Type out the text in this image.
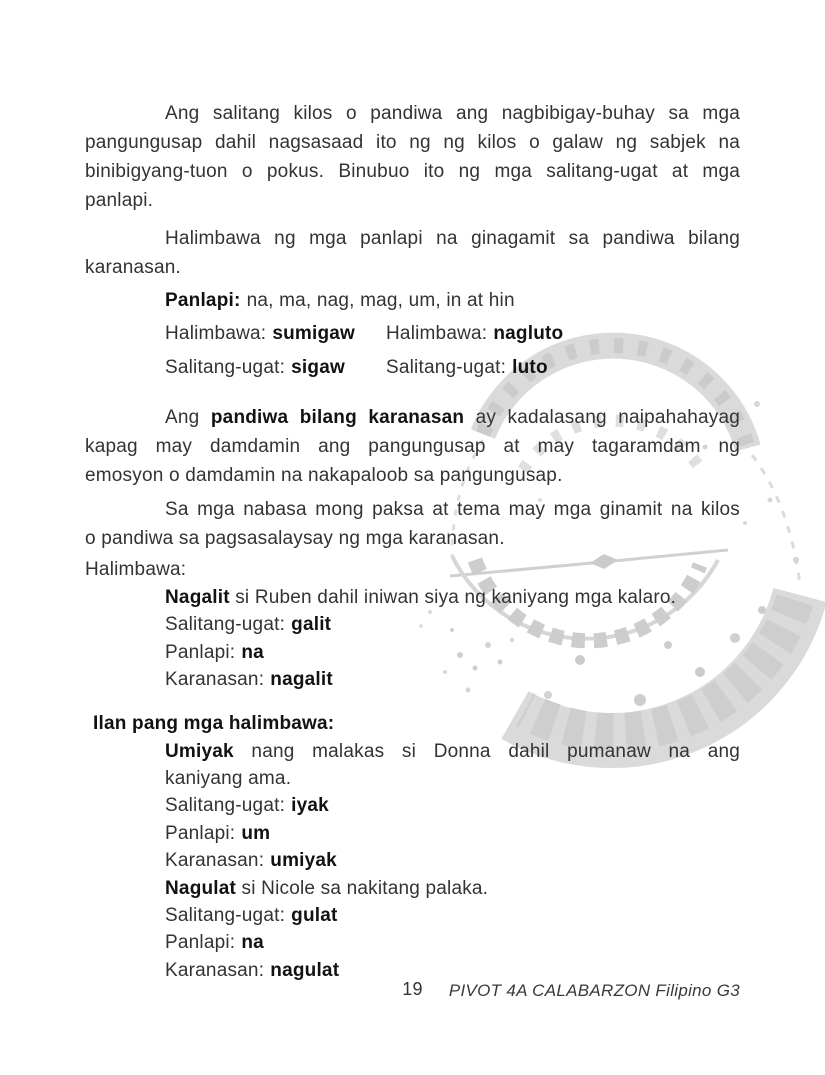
Ang salitang kilos o pandiwa ang nagbibigay-buhay sa mga
pangungusap dahil nagsasaad ito ng ng kilos o galaw ng sabjek na
binibigyang-tuon o pokus. Binubuo ito ng mga salitang-ugat at mga
panlapi.
Halimbawa ng mga panlapi na ginagamit sa pandiwa bilang
karanasan.
Panlapi: na, ma, nag, mag, um, in at hin
Halimbawa: sumigaw Halimbawa: nagluto
Salitang-ugat: sigaw Salitang-ugat: luto
Ang pandiwa bilang karanasan ay kadalasang naipahahayag
kapag may damdamin ang pangungusap at may tagaramdam ng
emosyon o damdamin na nakapaloob sa pangungusap.
Sa mga nabasa mong paksa at tema may mga ginamit na kilos
o pandiwa sa pagsasalaysay ng mga karanasan.
Halimbawa:
Nagalit si Ruben dahil iniwan siya ng kaniyang mga kalaro.
Salitang-ugat: galit
Panlapi: na
Karanasan: nagalit
Ilan pang mga halimbawa:
Umiyak nang malakas si Donna dahil pumanaw na ang
kaniyang ama.
Salitang-ugat: iyak
Panlapi: um
Karanasan: umiyak
Nagulat si Nicole sa nakitang palaka.
Salitang-ugat: gulat
Panlapi: na
Karanasan: nagulat
19 PIVOT 4A CALABARZON Filipino G3
